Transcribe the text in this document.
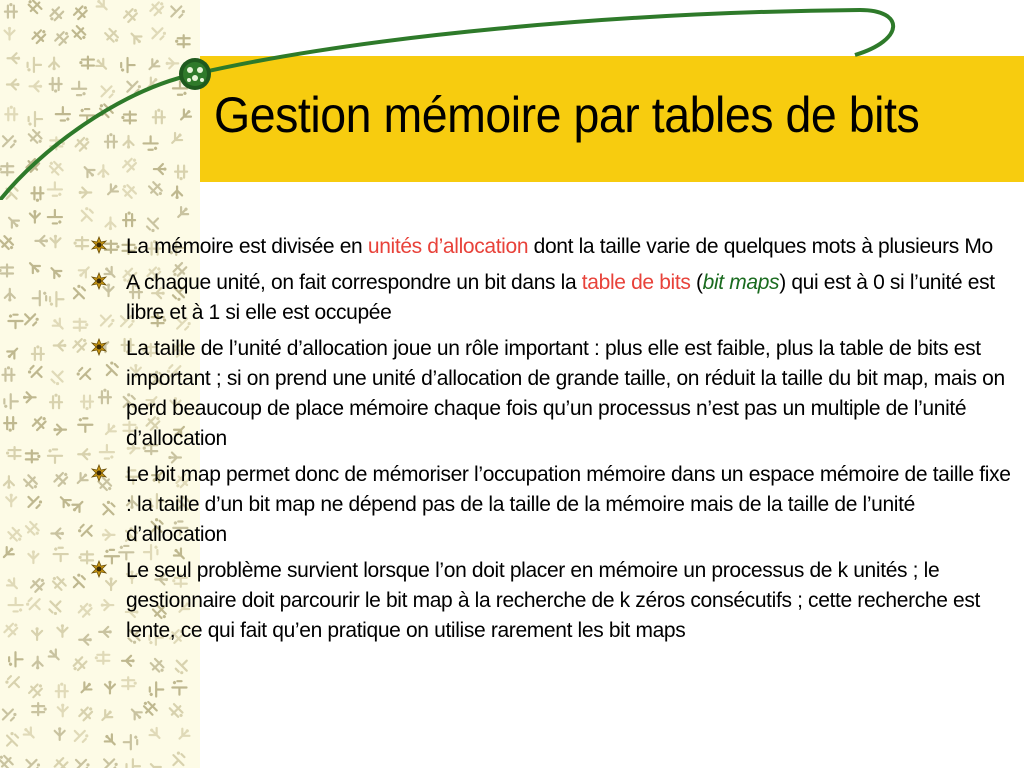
Gestion mémoire par tables de bits
La mémoire est divisée en unités d’allocation dont la taille varie de quelques mots à plusieurs Mo
A chaque unité, on fait correspondre un bit dans la table de bits (bit maps) qui est à 0 si l’unité est libre et à 1 si elle est occupée
La taille de l’unité d’allocation joue un rôle important : plus elle est faible, plus la table de bits est important ; si on prend une unité d’allocation de grande taille, on réduit la taille du bit map, mais on perd beaucoup de place mémoire chaque fois qu’un processus n’est pas un multiple de l’unité d’allocation
Le bit map permet donc de mémoriser l’occupation mémoire dans un espace mémoire de taille fixe : la taille d’un bit map ne dépend pas de la taille de la mémoire mais de la taille de l’unité d’allocation
Le seul problème survient lorsque l’on doit placer en mémoire un processus de k unités ; le gestionnaire doit parcourir le bit map à la recherche de k zéros consécutifs ; cette recherche est lente, ce qui fait qu’en pratique on utilise rarement les bit maps
